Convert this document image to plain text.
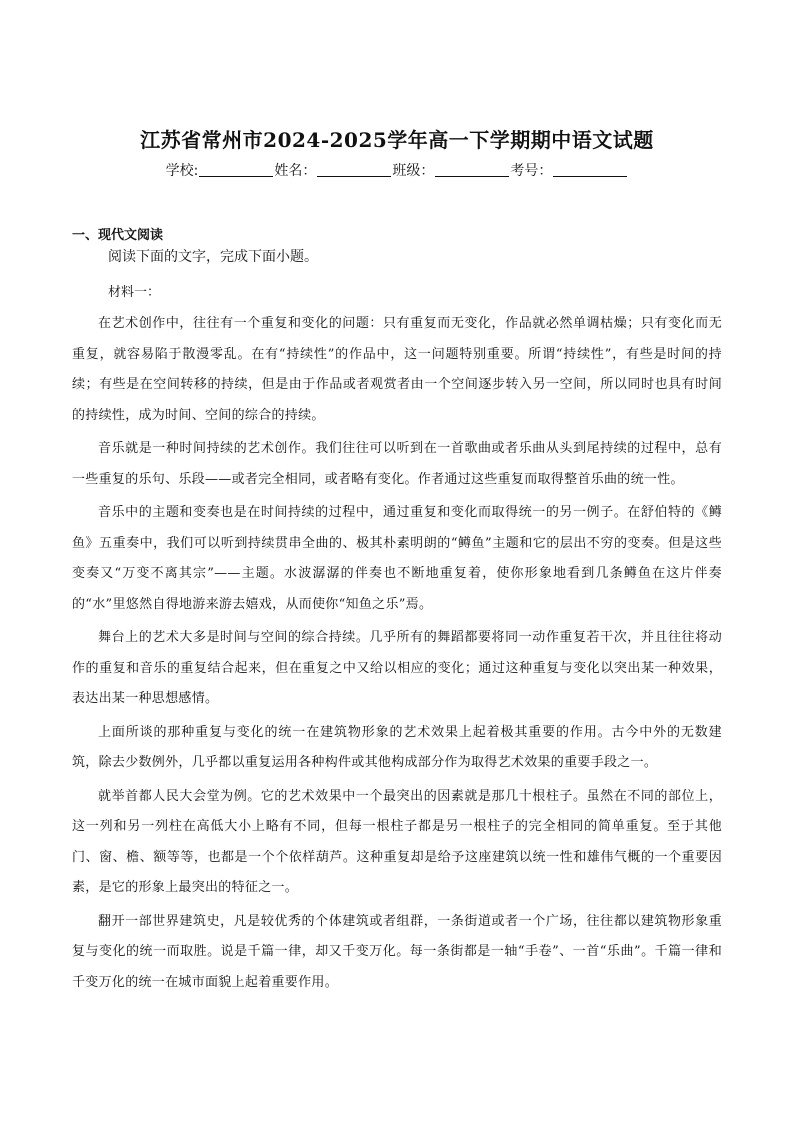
江苏省常州市2024-2025学年高一下学期期中语文试题
学校:	姓名：	班级：	考号：
一、现代文阅读
阅读下面的文字，完成下面小题。
材料一：

在艺术创作中，往往有一个重复和变化的问题：只有重复而无变化，作品就必然单调枯燥；只有变化而无重复，就容易陷于散漫零乱。在有“持续性”的作品中，这一问题特别重要。所谓“持续性”，有些是时间的持续；有些是在空间转移的持续，但是由于作品或者观赏者由一个空间逐步转入另一空间，所以同时也具有时间的持续性，成为时间、空间的综合的持续。

音乐就是一种时间持续的艺术创作。我们往往可以听到在一首歌曲或者乐曲从头到尾持续的过程中，总有一些重复的乐句、乐段——或者完全相同，或者略有变化。作者通过这些重复而取得整首乐曲的统一性。

音乐中的主题和变奏也是在时间持续的过程中，通过重复和变化而取得统一的另一例子。在舒伯特的《鳟鱼》五重奏中，我们可以听到持续贯串全曲的、极其朴素明朗的“鳟鱼”主题和它的层出不穷的变奏。但是这些变奏又“万变不离其宗”——主题。水波潺潺的伴奏也不断地重复着，使你形象地看到几条鳟鱼在这片伴奏的“水”里悠然自得地游来游去嬉戏，从而使你“知鱼之乐”焉。

舞台上的艺术大多是时间与空间的综合持续。几乎所有的舞蹈都要将同一动作重复若干次，并且往往将动作的重复和音乐的重复结合起来，但在重复之中又给以相应的变化；通过这种重复与变化以突出某一种效果，表达出某一种思想感情。

上面所谈的那种重复与变化的统一在建筑物形象的艺术效果上起着极其重要的作用。古今中外的无数建筑，除去少数例外，几乎都以重复运用各种构件或其他构成部分作为取得艺术效果的重要手段之一。

就举首都人民大会堂为例。它的艺术效果中一个最突出的因素就是那几十根柱子。虽然在不同的部位上，这一列和另一列柱在高低大小上略有不同，但每一根柱子都是另一根柱子的完全相同的简单重复。至于其他门、窗、檐、额等等，也都是一个个依样葫芦。这种重复却是给予这座建筑以统一性和雄伟气概的一个重要因素，是它的形象上最突出的特征之一。

翻开一部世界建筑史，凡是较优秀的个体建筑或者组群，一条街道或者一个广场，往往都以建筑物形象重复与变化的统一而取胜。说是千篇一律，却又千变万化。每一条街都是一轴“手卷”、一首“乐曲”。千篇一律和千变万化的统一在城市面貌上起着重要作用。
